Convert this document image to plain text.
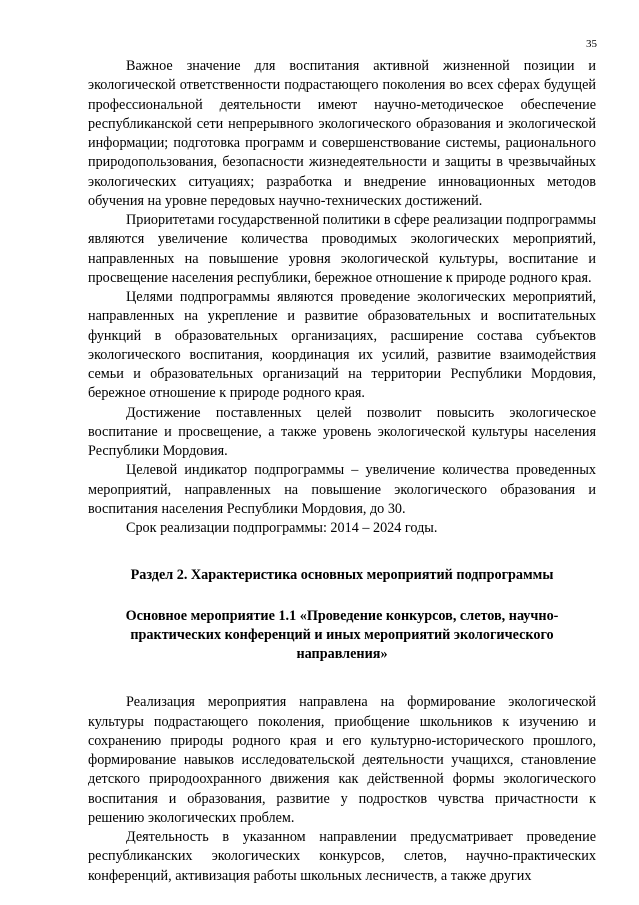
35

Важное значение для воспитания активной жизненной позиции и экологической ответственности подрастающего поколения во всех сферах будущей профессиональной деятельности имеют научно-методическое обеспечение республиканской сети непрерывного экологического образования и экологической информации; подготовка программ и совершенствование системы, рационального природопользования, безопасности жизнедеятельности и защиты в чрезвычайных экологических ситуациях; разработка и внедрение инновационных методов обучения на уровне передовых научно-технических достижений.

Приоритетами государственной политики в сфере реализации подпрограммы являются увеличение количества проводимых экологических мероприятий, направленных на повышение уровня экологической культуры, воспитание и просвещение населения республики, бережное отношение к природе родного края.

Целями подпрограммы являются проведение экологических мероприятий, направленных на укрепление и развитие образовательных и воспитательных функций в образовательных организациях, расширение состава субъектов экологического воспитания, координация их усилий, развитие взаимодействия семьи и образовательных организаций на территории Республики Мордовия, бережное отношение к природе родного края.

Достижение поставленных целей позволит повысить экологическое воспитание и просвещение, а также уровень экологической культуры населения Республики Мордовия.

Целевой индикатор подпрограммы – увеличение количества проведенных мероприятий, направленных на повышение экологического образования и воспитания населения Республики Мордовия, до 30.

Срок реализации подпрограммы: 2014 – 2024 годы.

Раздел 2. Характеристика основных мероприятий подпрограммы

Основное мероприятие 1.1 «Проведение конкурсов, слетов, научно-практических конференций и иных мероприятий экологического направления»

Реализация мероприятия направлена на формирование экологической культуры подрастающего поколения, приобщение школьников к изучению и сохранению природы родного края и его культурно-исторического прошлого, формирование навыков исследовательской деятельности учащихся, становление детского природоохранного движения как действенной формы экологического воспитания и образования, развитие у подростков чувства причастности к решению экологических проблем.

Деятельность в указанном направлении предусматривает проведение республиканских экологических конкурсов, слетов, научно-практических конференций, активизация работы школьных лесничеств, а также других
